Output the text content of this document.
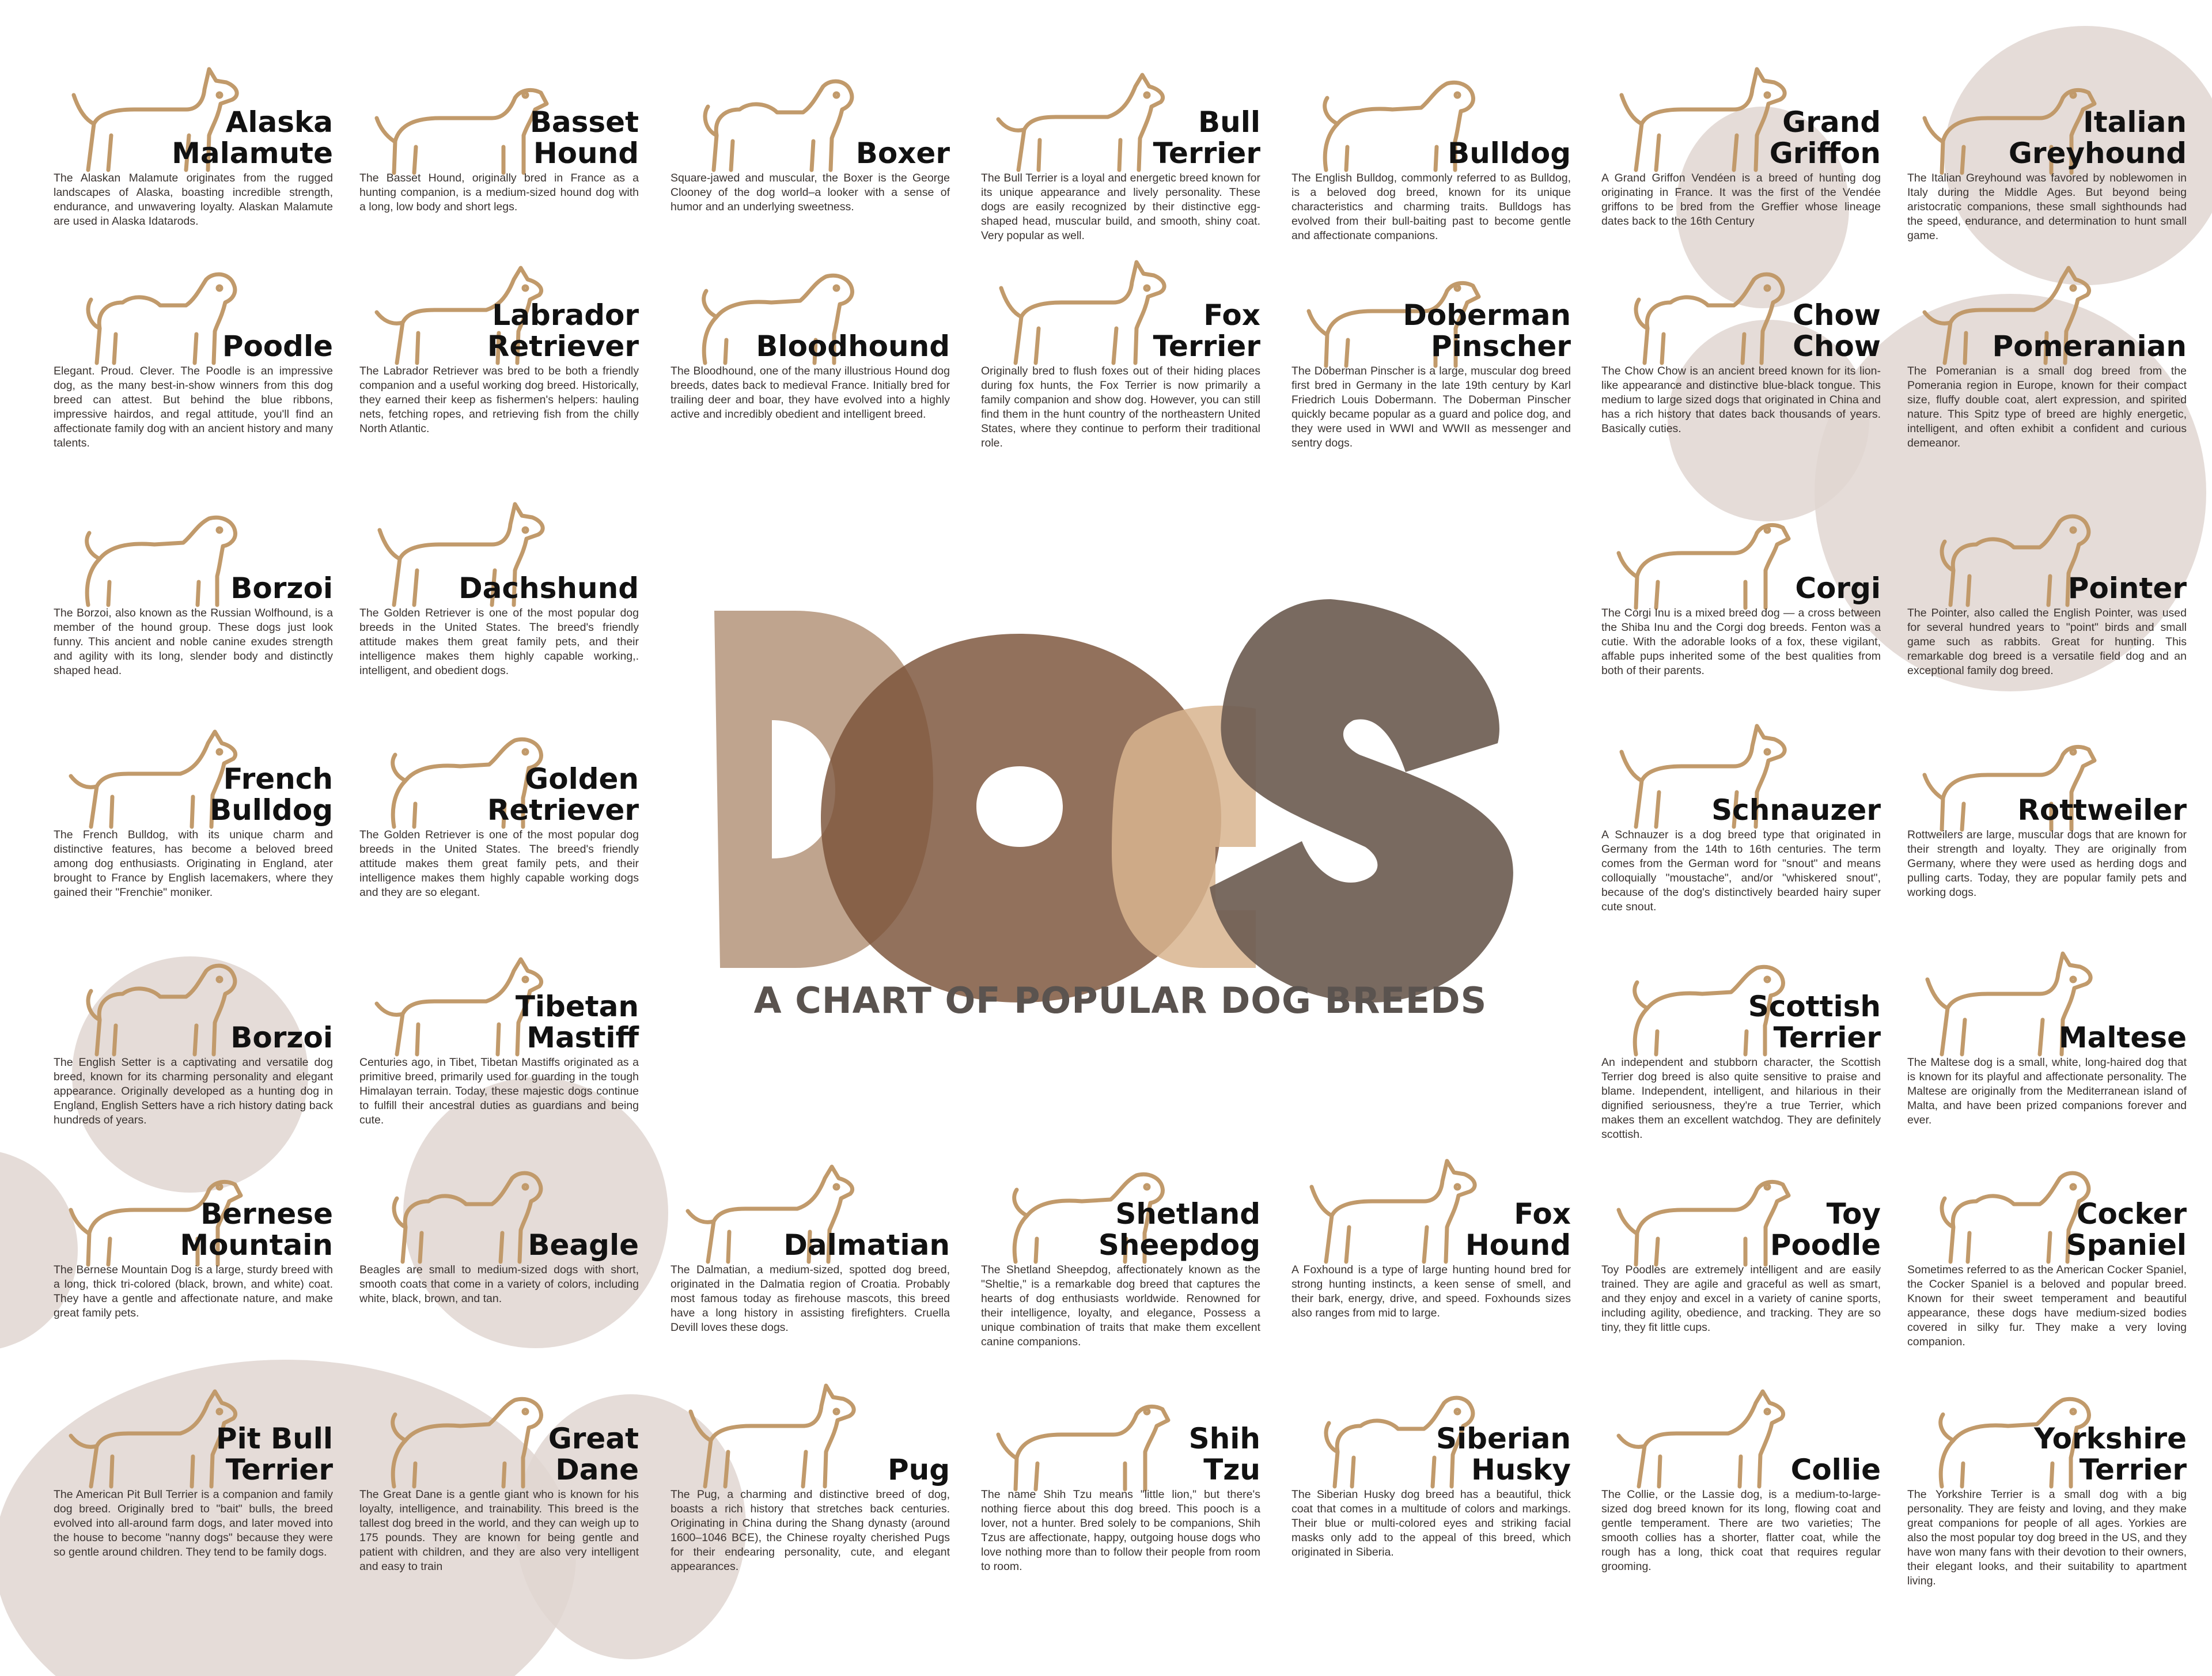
Alaska
Malamute
The Alaskan Malamute originates from the rugged landscapes of Alaska, boasting incredible strength, endurance, and unwavering loyalty. Alaskan Malamute are used in Alaska Idatarods.
Basset
Hound
The Basset Hound, originally bred in France as a hunting companion, is a medium-sized hound dog with a long, low body and short legs.
Boxer
Square-jawed and muscular, the Boxer is the George Clooney of the dog world–a looker with a sense of humor and an underlying sweetness.
Bull
Terrier
The Bull Terrier is a loyal and energetic breed known for its unique appearance and lively personality. These dogs are easily recognized by their distinctive egg-shaped head, muscular build, and smooth, shiny coat. Very popular as well.
Bulldog
The English Bulldog, commonly referred to as Bulldog, is a beloved dog breed, known for its unique characteristics and charming traits. Bulldogs has evolved from their bull-baiting past to become gentle and affectionate companions.
Grand
Griffon
A Grand Griffon Vendéen is a breed of hunting dog originating in France. It was the first of the Vendée griffons to be bred from the Greffier whose lineage dates back to the 16th Century
Italian
Greyhound
The Italian Greyhound was favored by noblewomen in Italy during the Middle Ages. But beyond being aristocratic companions, these small sighthounds had the speed, endurance, and determination to hunt small game.
Poodle
Elegant. Proud. Clever. The Poodle is an impressive dog, as the many best-in-show winners from this dog breed can attest. But behind the blue ribbons, impressive hairdos, and regal attitude, you'll find an affectionate family dog with an ancient history and many talents.
Labrador
Retriever
The Labrador Retriever was bred to be both a friendly companion and a useful working dog breed. Historically, they earned their keep as fishermen's helpers: hauling nets, fetching ropes, and retrieving fish from the chilly North Atlantic.
Bloodhound
The Bloodhound, one of the many illustrious Hound dog breeds, dates back to medieval France. Initially bred for trailing deer and boar, they have evolved into a highly active and incredibly obedient and intelligent breed.
Fox
Terrier
Originally bred to flush foxes out of their hiding places during fox hunts, the Fox Terrier is now primarily a family companion and show dog. However, you can still find them in the hunt country of the northeastern United States, where they continue to perform their traditional role.
Doberman
Pinscher
The Doberman Pinscher is a large, muscular dog breed first bred in Germany in the late 19th century by Karl Friedrich Louis Dobermann. The Doberman Pinscher quickly became popular as a guard and police dog, and they were used in WWI and WWII as messenger and sentry dogs.
Chow
Chow
The Chow Chow is an ancient breed known for its lion-like appearance and distinctive blue-black tongue. This medium to large sized dogs that originated in China and has a rich history that dates back thousands of years. Basically cuties.
Pomeranian
The Pomeranian is a small dog breed from the Pomerania region in Europe, known for their compact size, fluffy double coat, alert expression, and spirited nature. This Spitz type of breed are highly energetic, intelligent, and often exhibit a confident and curious demeanor.
Borzoi
The Borzoi, also known as the Russian Wolfhound, is a member of the hound group. These dogs just look funny. This ancient and noble canine exudes strength and agility with its long, slender body and distinctly shaped head.
Dachshund
The Golden Retriever is one of the most popular dog breeds in the United States. The breed's friendly attitude makes them great family pets, and their intelligence makes them highly capable working,. intelligent, and obedient dogs.
Corgi
The Corgi Inu is a mixed breed dog — a cross between the Shiba Inu and the Corgi dog breeds. Fenton was a cutie. With the adorable looks of a fox, these vigilant, affable pups inherited some of the best qualities from both of their parents.
Pointer
The Pointer, also called the English Pointer, was used for several hundred years to "point" birds and small game such as rabbits. Great for hunting. This remarkable dog breed is a versatile field dog and an exceptional family dog breed.
French
Bulldog
The French Bulldog, with its unique charm and distinctive features, has become a beloved breed among dog enthusiasts. Originating in England, ater brought to France by English lacemakers, where they gained their "Frenchie" moniker.
Golden
Retriever
The Golden Retriever is one of the most popular dog breeds in the United States. The breed's friendly attitude makes them great family pets, and their intelligence makes them highly capable working dogs and they are so elegant.
Schnauzer
A Schnauzer is a dog breed type that originated in Germany from the 14th to 16th centuries. The term comes from the German word for "snout" and means colloquially "moustache", and/or "whiskered snout", because of the dog's distinctively bearded hairy super cute snout.
Rottweiler
Rottweilers are large, muscular dogs that are known for their strength and loyalty. They are originally from Germany, where they were used as herding dogs and pulling carts. Today, they are popular family pets and working dogs.
Borzoi
The English Setter is a captivating and versatile dog breed, known for its charming personality and elegant appearance. Originally developed as a hunting dog in England, English Setters have a rich history dating back hundreds of years.
Tibetan
Mastiff
Centuries ago, in Tibet, Tibetan Mastiffs originated as a primitive breed, primarily used for guarding in the tough Himalayan terrain. Today, these majestic dogs continue to fulfill their ancestral duties as guardians and being cute.
Scottish
Terrier
An independent and stubborn character, the Scottish Terrier dog breed is also quite sensitive to praise and blame. Independent, intelligent, and hilarious in their dignified seriousness, they're a true Terrier, which makes them an excellent watchdog. They are definitely scottish.
Maltese
The Maltese dog is a small, white, long-haired dog that is known for its playful and affectionate personality. The Maltese are originally from the Mediterranean island of Malta, and have been prized companions forever and ever.
Bernese
Mountain
The Bernese Mountain Dog is a large, sturdy breed with a long, thick tri-colored (black, brown, and white) coat. They have a gentle and affectionate nature, and make great family pets.
Beagle
Beagles are small to medium-sized dogs with short, smooth coats that come in a variety of colors, including white, black, brown, and tan.
Dalmatian
The Dalmatian, a medium-sized, spotted dog breed, originated in the Dalmatia region of Croatia. Probably most famous today as firehouse mascots, this breed have a long history in assisting firefighters. Cruella Devill loves these dogs.
Shetland
Sheepdog
The Shetland Sheepdog, affectionately known as the "Sheltie," is a remarkable dog breed that captures the hearts of dog enthusiasts worldwide. Renowned for their intelligence, loyalty, and elegance, Possess a unique combination of traits that make them excellent canine companions.
Fox
Hound
A Foxhound is a type of large hunting hound bred for strong hunting instincts, a keen sense of smell, and their bark, energy, drive, and speed. Foxhounds sizes also ranges from mid to large.
Toy
Poodle
Toy Poodles are extremely intelligent and are easily trained. They are agile and graceful as well as smart, and they enjoy and excel in a variety of canine sports, including agility, obedience, and tracking. They are so tiny, they fit little cups.
Cocker
Spaniel
Sometimes referred to as the American Cocker Spaniel, the Cocker Spaniel is a beloved and popular breed. Known for their sweet temperament and beautiful appearance, these dogs have medium-sized bodies covered in silky fur. They make a very loving companion.
Pit Bull
Terrier
The American Pit Bull Terrier is a companion and family dog breed. Originally bred to "bait" bulls, the breed evolved into all-around farm dogs, and later moved into the house to become "nanny dogs" because they were so gentle around children. They tend to be family dogs.
Great
Dane
The Great Dane is a gentle giant who is known for his loyalty, intelligence, and trainability. This breed is the tallest dog breed in the world, and they can weigh up to 175 pounds. They are known for being gentle and patient with children, and they are also very intelligent and easy to train
Pug
The Pug, a charming and distinctive breed of dog, boasts a rich history that stretches back centuries. Originating in China during the Shang dynasty (around 1600–1046 BCE), the Chinese royalty cherished Pugs for their endearing personality, cute, and elegant appearances.
Shih
Tzu
The name Shih Tzu means "little lion," but there's nothing fierce about this dog breed. This pooch is a lover, not a hunter. Bred solely to be companions, Shih Tzus are affectionate, happy, outgoing house dogs who love nothing more than to follow their people from room to room.
Siberian
Husky
The Siberian Husky dog breed has a beautiful, thick coat that comes in a multitude of colors and markings. Their blue or multi-colored eyes and striking facial masks only add to the appeal of this breed, which originated in Siberia.
Collie
The Collie, or the Lassie dog, is a medium-to-large-sized dog breed known for its long, flowing coat and gentle temperament. There are two varieties; The smooth collies has a shorter, flatter coat, while the rough has a long, thick coat that requires regular grooming.
Yorkshire
Terrier
The Yorkshire Terrier is a small dog with a big personality. They are feisty and loving, and they make great companions for people of all ages. Yorkies are also the most popular toy dog breed in the US, and they have won many fans with their devotion to their owners, their elegant looks, and their suitability to apartment living.
A CHART OF POPULAR DOG BREEDS
